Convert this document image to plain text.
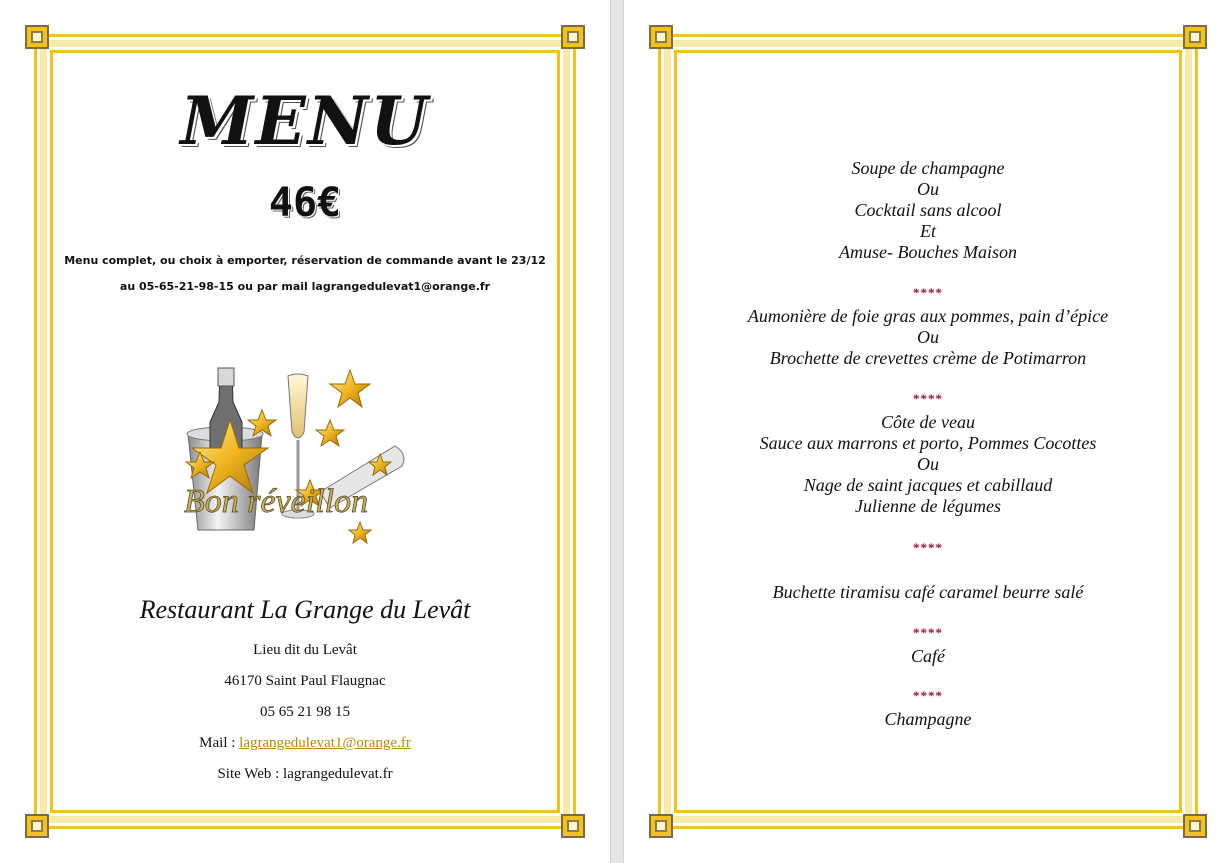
MENU
46€
Menu complet, ou choix à emporter, réservation de commande avant le 23/12
au 05-65-21-98-15 ou par mail lagrangedulevat1@orange.fr
Bon réveillon
Restaurant La Grange du Levât
Lieu dit du Levât
46170 Saint Paul Flaugnac
05 65 21 98 15
Mail : lagrangedulevat1@orange.fr
Site Web : lagrangedulevat.fr
Soupe de champagne
Ou
Cocktail sans alcool
Et
Amuse- Bouches Maison
****
Aumonière de foie gras aux pommes, pain d’épice
Ou
Brochette de crevettes crème de Potimarron
****
Côte de veau
Sauce aux marrons et porto, Pommes Cocottes
Ou
Nage de saint jacques et cabillaud
Julienne de légumes
****
Buchette tiramisu café caramel beurre salé
****
Café
****
Champagne
